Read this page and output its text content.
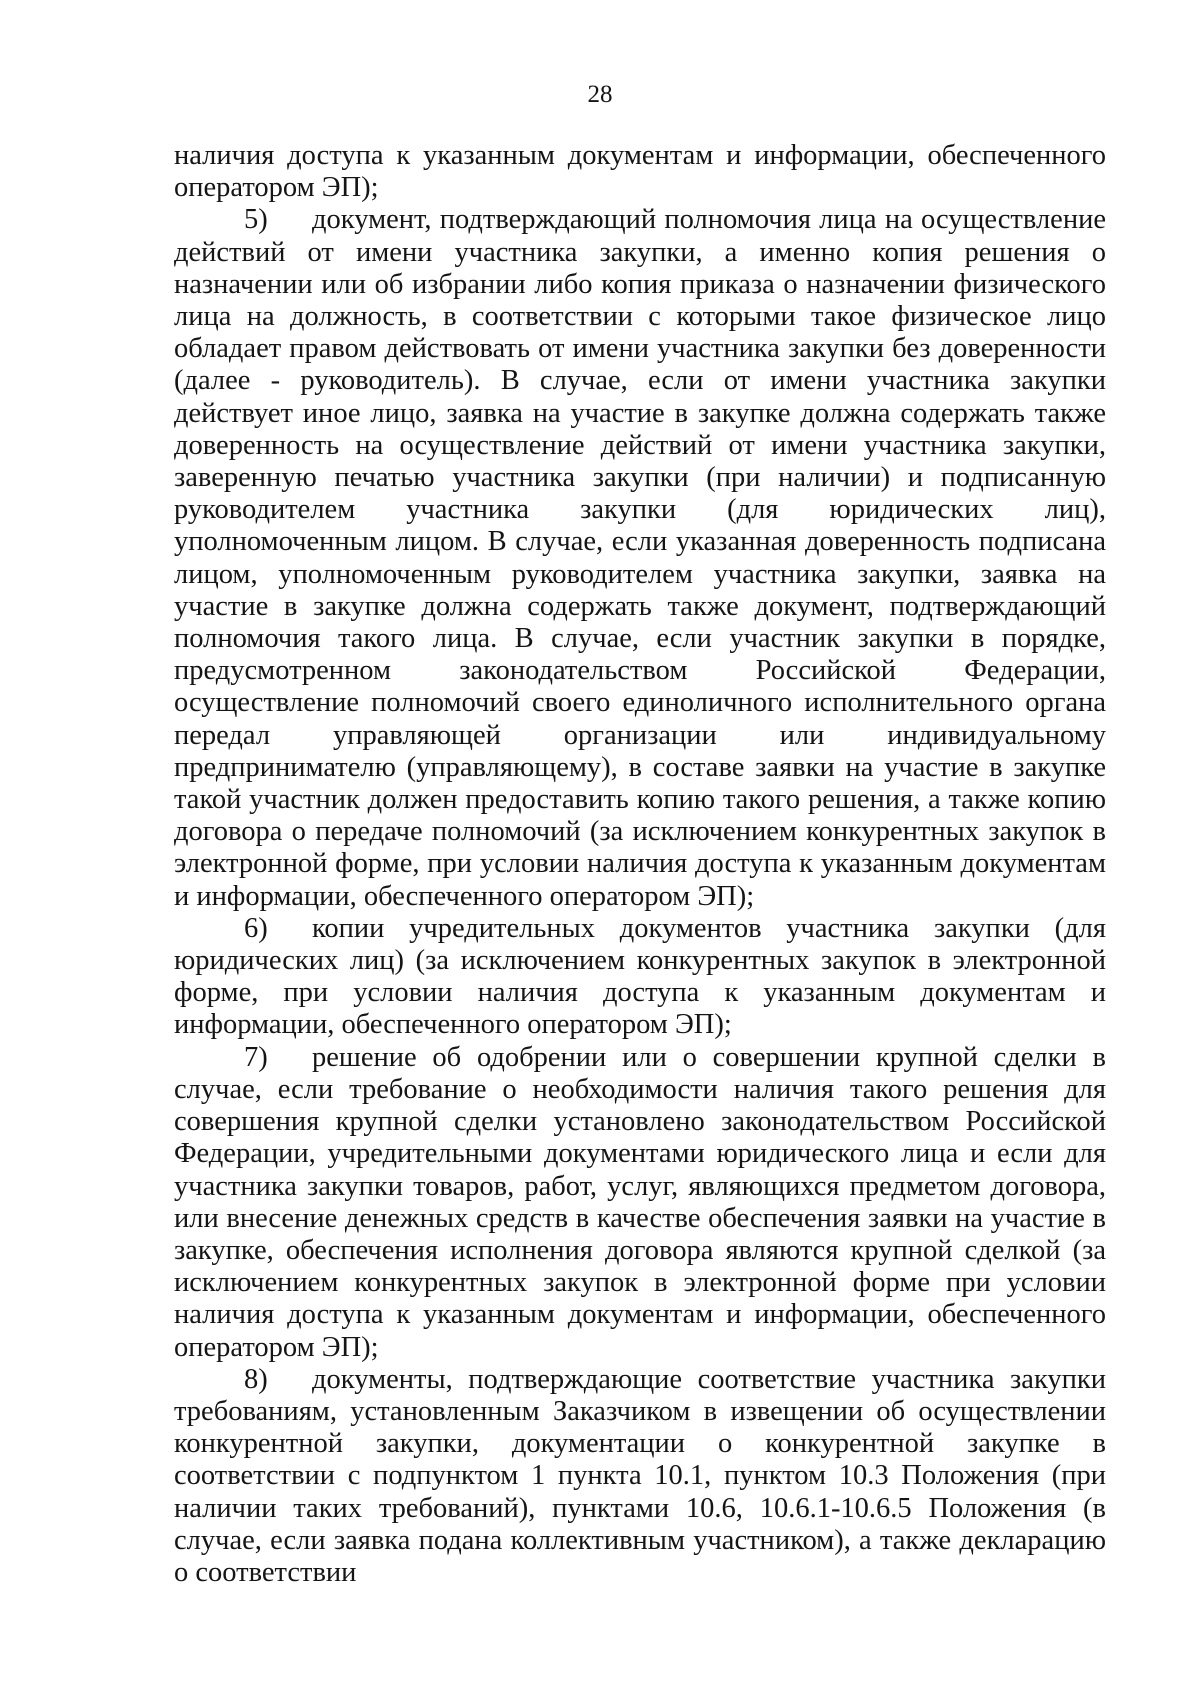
28

наличия доступа к указанным документам и информации, обеспеченного оператором ЭП);

5) документ, подтверждающий полномочия лица на осуществление действий от имени участника закупки, а именно копия решения о назначении или об избрании либо копия приказа о назначении физического лица на должность, в соответствии с которыми такое физическое лицо обладает правом действовать от имени участника закупки без доверенности (далее - руководитель). В случае, если от имени участника закупки действует иное лицо, заявка на участие в закупке должна содержать также доверенность на осуществление действий от имени участника закупки, заверенную печатью участника закупки (при наличии) и подписанную руководителем участника закупки (для юридических лиц), уполномоченным лицом. В случае, если указанная доверенность подписана лицом, уполномоченным руководителем участника закупки, заявка на участие в закупке должна содержать также документ, подтверждающий полномочия такого лица. В случае, если участник закупки в порядке, предусмотренном законодательством Российской Федерации, осуществление полномочий своего единоличного исполнительного органа передал управляющей организации или индивидуальному предпринимателю (управляющему), в составе заявки на участие в закупке такой участник должен предоставить копию такого решения, а также копию договора о передаче полномочий (за исключением конкурентных закупок в электронной форме, при условии наличия доступа к указанным документам и информации, обеспеченного оператором ЭП);

6) копии учредительных документов участника закупки (для юридических лиц) (за исключением конкурентных закупок в электронной форме, при условии наличия доступа к указанным документам и информации, обеспеченного оператором ЭП);

7) решение об одобрении или о совершении крупной сделки в случае, если требование о необходимости наличия такого решения для совершения крупной сделки установлено законодательством Российской Федерации, учредительными документами юридического лица и если для участника закупки товаров, работ, услуг, являющихся предметом договора, или внесение денежных средств в качестве обеспечения заявки на участие в закупке, обеспечения исполнения договора являются крупной сделкой (за исключением конкурентных закупок в электронной форме при условии наличия доступа к указанным документам и информации, обеспеченного оператором ЭП);

8) документы, подтверждающие соответствие участника закупки требованиям, установленным Заказчиком в извещении об осуществлении конкурентной закупки, документации о конкурентной закупке в соответствии с подпунктом 1 пункта 10.1, пунктом 10.3 Положения (при наличии таких требований), пунктами 10.6, 10.6.1-10.6.5 Положения (в случае, если заявка подана коллективным участником), а также декларацию о соответствии
